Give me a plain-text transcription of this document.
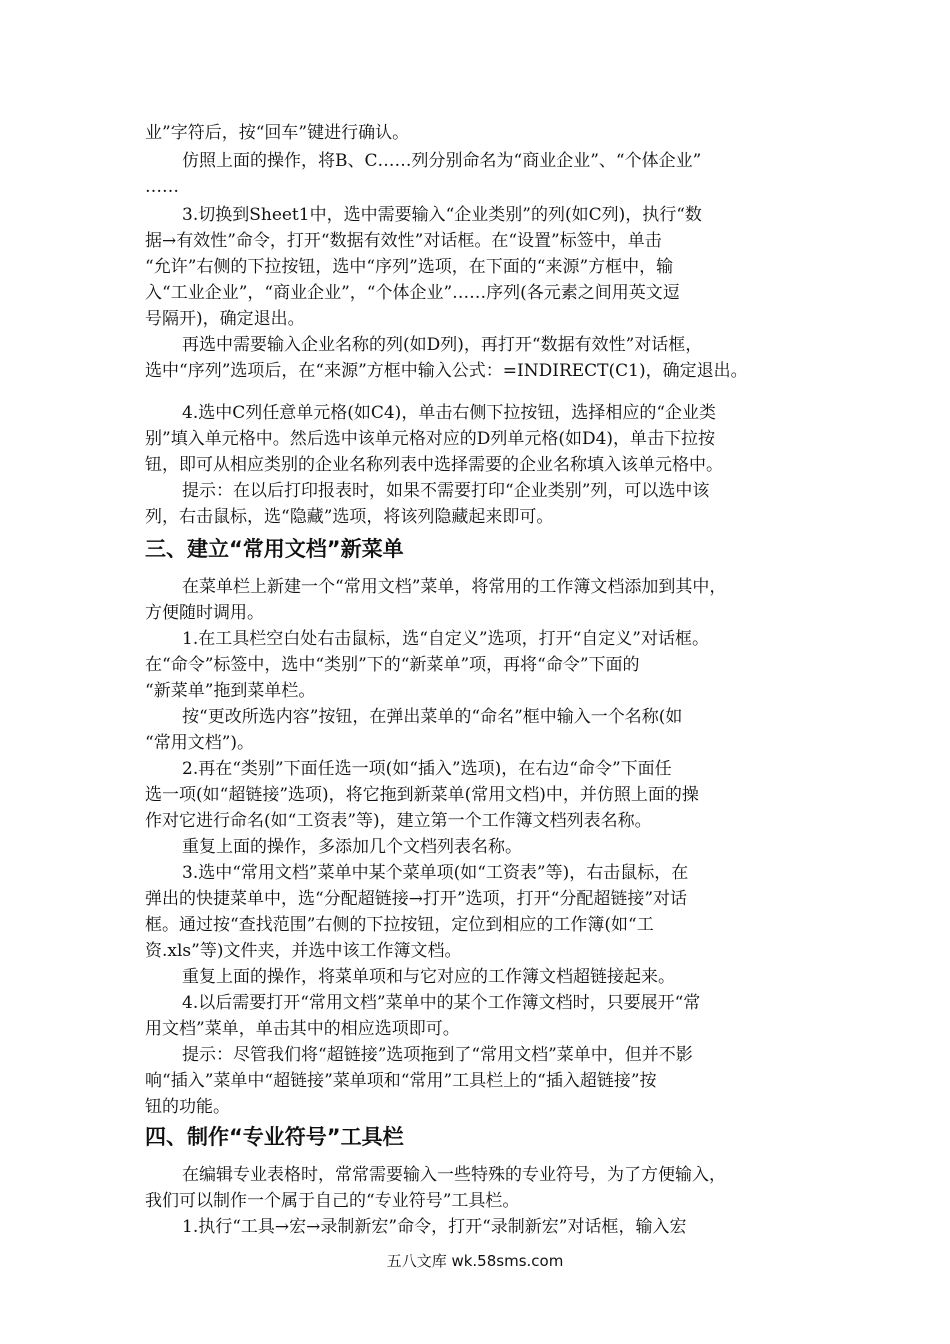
业”字符后，按“回车”键进行确认。
仿照上面的操作，将B、C……列分别命名为“商业企业”、“个体企业”
……
3.切换到Sheet1中，选中需要输入“企业类别”的列(如C列)，执行“数
据→有效性”命令，打开“数据有效性”对话框。在“设置”标签中，单击
“允许”右侧的下拉按钮，选中“序列”选项，在下面的“来源”方框中，输
入“工业企业”，“商业企业”，“个体企业”……序列(各元素之间用英文逗
号隔开)，确定退出。
再选中需要输入企业名称的列(如D列)，再打开“数据有效性”对话框，
选中“序列”选项后，在“来源”方框中输入公式：=INDIRECT(C1)，确定退出。
4.选中C列任意单元格(如C4)，单击右侧下拉按钮，选择相应的“企业类
别”填入单元格中。然后选中该单元格对应的D列单元格(如D4)，单击下拉按
钮，即可从相应类别的企业名称列表中选择需要的企业名称填入该单元格中。
提示：在以后打印报表时，如果不需要打印“企业类别”列，可以选中该
列，右击鼠标，选“隐藏”选项，将该列隐藏起来即可。
三、建立“常用文档”新菜单
在菜单栏上新建一个“常用文档”菜单，将常用的工作簿文档添加到其中，
方便随时调用。
1.在工具栏空白处右击鼠标，选“自定义”选项，打开“自定义”对话框。
在“命令”标签中，选中“类别”下的“新菜单”项，再将“命令”下面的
“新菜单”拖到菜单栏。
按“更改所选内容”按钮，在弹出菜单的“命名”框中输入一个名称(如
“常用文档”)。
2.再在“类别”下面任选一项(如“插入”选项)，在右边“命令”下面任
选一项(如“超链接”选项)，将它拖到新菜单(常用文档)中，并仿照上面的操
作对它进行命名(如“工资表”等)，建立第一个工作簿文档列表名称。
重复上面的操作，多添加几个文档列表名称。
3.选中“常用文档”菜单中某个菜单项(如“工资表”等)，右击鼠标，在
弹出的快捷菜单中，选“分配超链接→打开”选项，打开“分配超链接”对话
框。通过按“查找范围”右侧的下拉按钮，定位到相应的工作簿(如“工
资.xls”等)文件夹，并选中该工作簿文档。
重复上面的操作，将菜单项和与它对应的工作簿文档超链接起来。
4.以后需要打开“常用文档”菜单中的某个工作簿文档时，只要展开“常
用文档”菜单，单击其中的相应选项即可。
提示：尽管我们将“超链接”选项拖到了“常用文档”菜单中，但并不影
响“插入”菜单中“超链接”菜单项和“常用”工具栏上的“插入超链接”按
钮的功能。
四、制作“专业符号”工具栏
在编辑专业表格时，常常需要输入一些特殊的专业符号，为了方便输入，
我们可以制作一个属于自己的“专业符号”工具栏。
1.执行“工具→宏→录制新宏”命令，打开“录制新宏”对话框，输入宏
五八文库 wk.58sms.com
